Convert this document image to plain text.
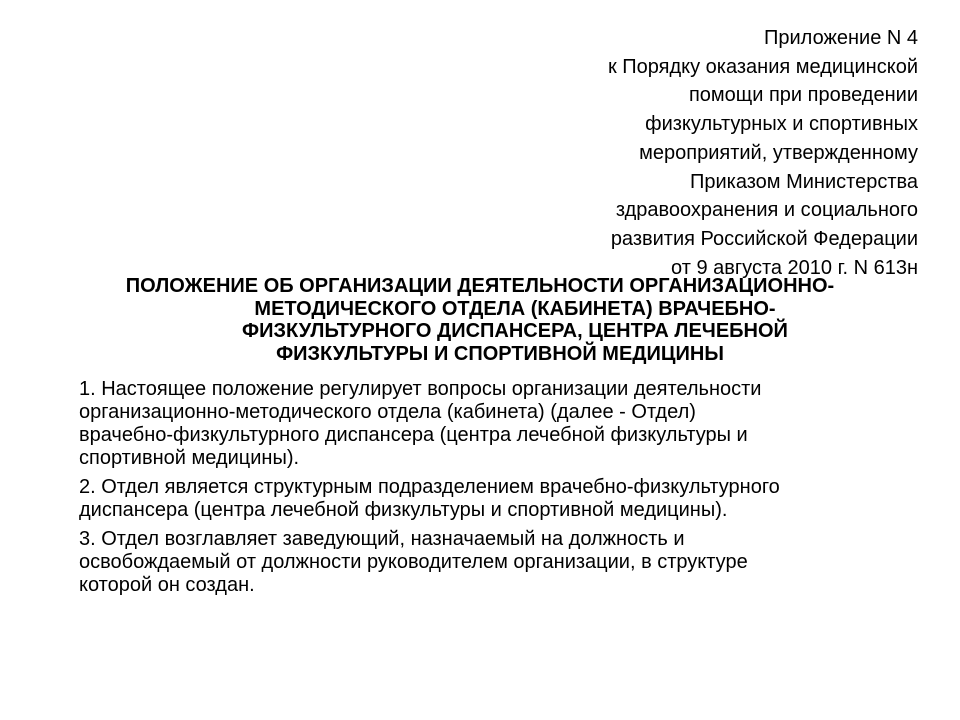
Приложение N 4
к Порядку оказания медицинской
помощи при проведении
физкультурных и спортивных
мероприятий, утвержденному
Приказом Министерства
здравоохранения и социального
развития Российской Федерации
от 9 августа 2010 г. N 613н
ПОЛОЖЕНИЕ ОБ ОРГАНИЗАЦИИ ДЕЯТЕЛЬНОСТИ ОРГАНИЗАЦИОННО-
МЕТОДИЧЕСКОГО ОТДЕЛА (КАБИНЕТА) ВРАЧЕБНО-
ФИЗКУЛЬТУРНОГО ДИСПАНСЕРА, ЦЕНТРА ЛЕЧЕБНОЙ
ФИЗКУЛЬТУРЫ И СПОРТИВНОЙ МЕДИЦИНЫ
1. Настоящее положение регулирует вопросы организации деятельности
организационно-методического отдела (кабинета) (далее - Отдел)
врачебно-физкультурного диспансера (центра лечебной физкультуры и
спортивной медицины).
2. Отдел является структурным подразделением врачебно-физкультурного
диспансера (центра лечебной физкультуры и спортивной медицины).
3. Отдел возглавляет заведующий, назначаемый на должность и
освобождаемый от должности руководителем организации, в структуре
которой он создан.
